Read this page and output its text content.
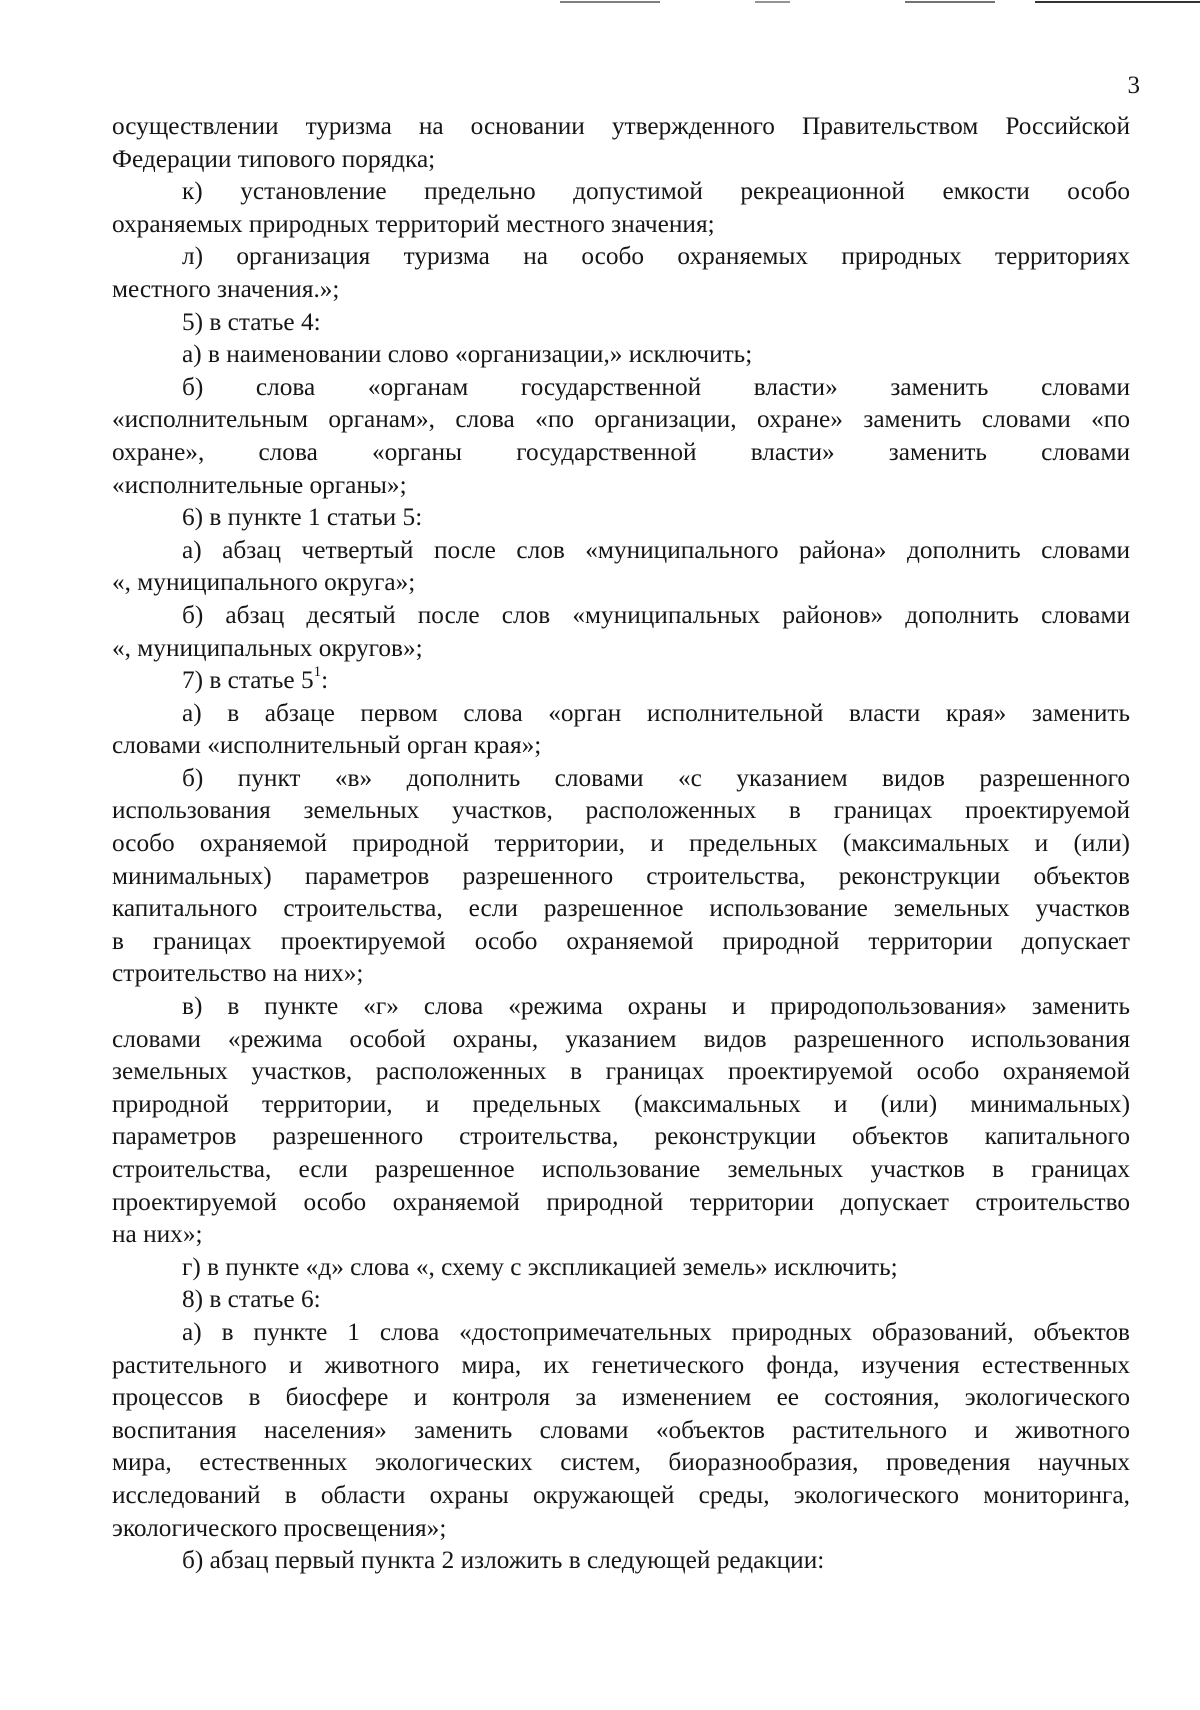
3

осуществлении туризма на основании утвержденного Правительством Российской

Федерации типового порядка;

к) установление предельно допустимой рекреационной емкости особо

охраняемых природных территорий местного значения;

л) организация туризма на особо охраняемых природных территориях

местного значения.»;

5) в статье 4:

а) в наименовании слово «организации,» исключить;

б) слова «органам государственной власти» заменить словами

«исполнительным органам», слова «по организации, охране» заменить словами «по

охране», слова «органы государственной власти» заменить словами

«исполнительные органы»;

6) в пункте 1 статьи 5:

а) абзац четвертый после слов «муниципального района» дополнить словами

«, муниципального округа»;

б) абзац десятый после слов «муниципальных районов» дополнить словами

«, муниципальных округов»;

7) в статье $5^1$:

а) в абзаце первом слова «орган исполнительной власти края» заменить

словами «исполнительный орган края»;

б) пункт «в» дополнить словами «с указанием видов разрешенного

использования земельных участков, расположенных в границах проектируемой

особо охраняемой природной территории, и предельных (максимальных и (или)

минимальных) параметров разрешенного строительства, реконструкции объектов

капитального строительства, если разрешенное использование земельных участков

в границах проектируемой особо охраняемой природной территории допускает

строительство на них»;

в) в пункте «г» слова «режима охраны и природопользования» заменить

словами «режима особой охраны, указанием видов разрешенного использования

земельных участков, расположенных в границах проектируемой особо охраняемой

природной территории, и предельных (максимальных и (или) минимальных)

параметров разрешенного строительства, реконструкции объектов капитального

строительства, если разрешенное использование земельных участков в границах

проектируемой особо охраняемой природной территории допускает строительство

на них»;

г) в пункте «д» слова «, схему с экспликацией земель» исключить;

8) в статье 6:

а) в пункте 1 слова «достопримечательных природных образований, объектов

растительного и животного мира, их генетического фонда, изучения естественных

процессов в биосфере и контроля за изменением ее состояния, экологического

воспитания населения» заменить словами «объектов растительного и животного

мира, естественных экологических систем, биоразнообразия, проведения научных

исследований в области охраны окружающей среды, экологического мониторинга,

экологического просвещения»;

б) абзац первый пункта 2 изложить в следующей редакции:
